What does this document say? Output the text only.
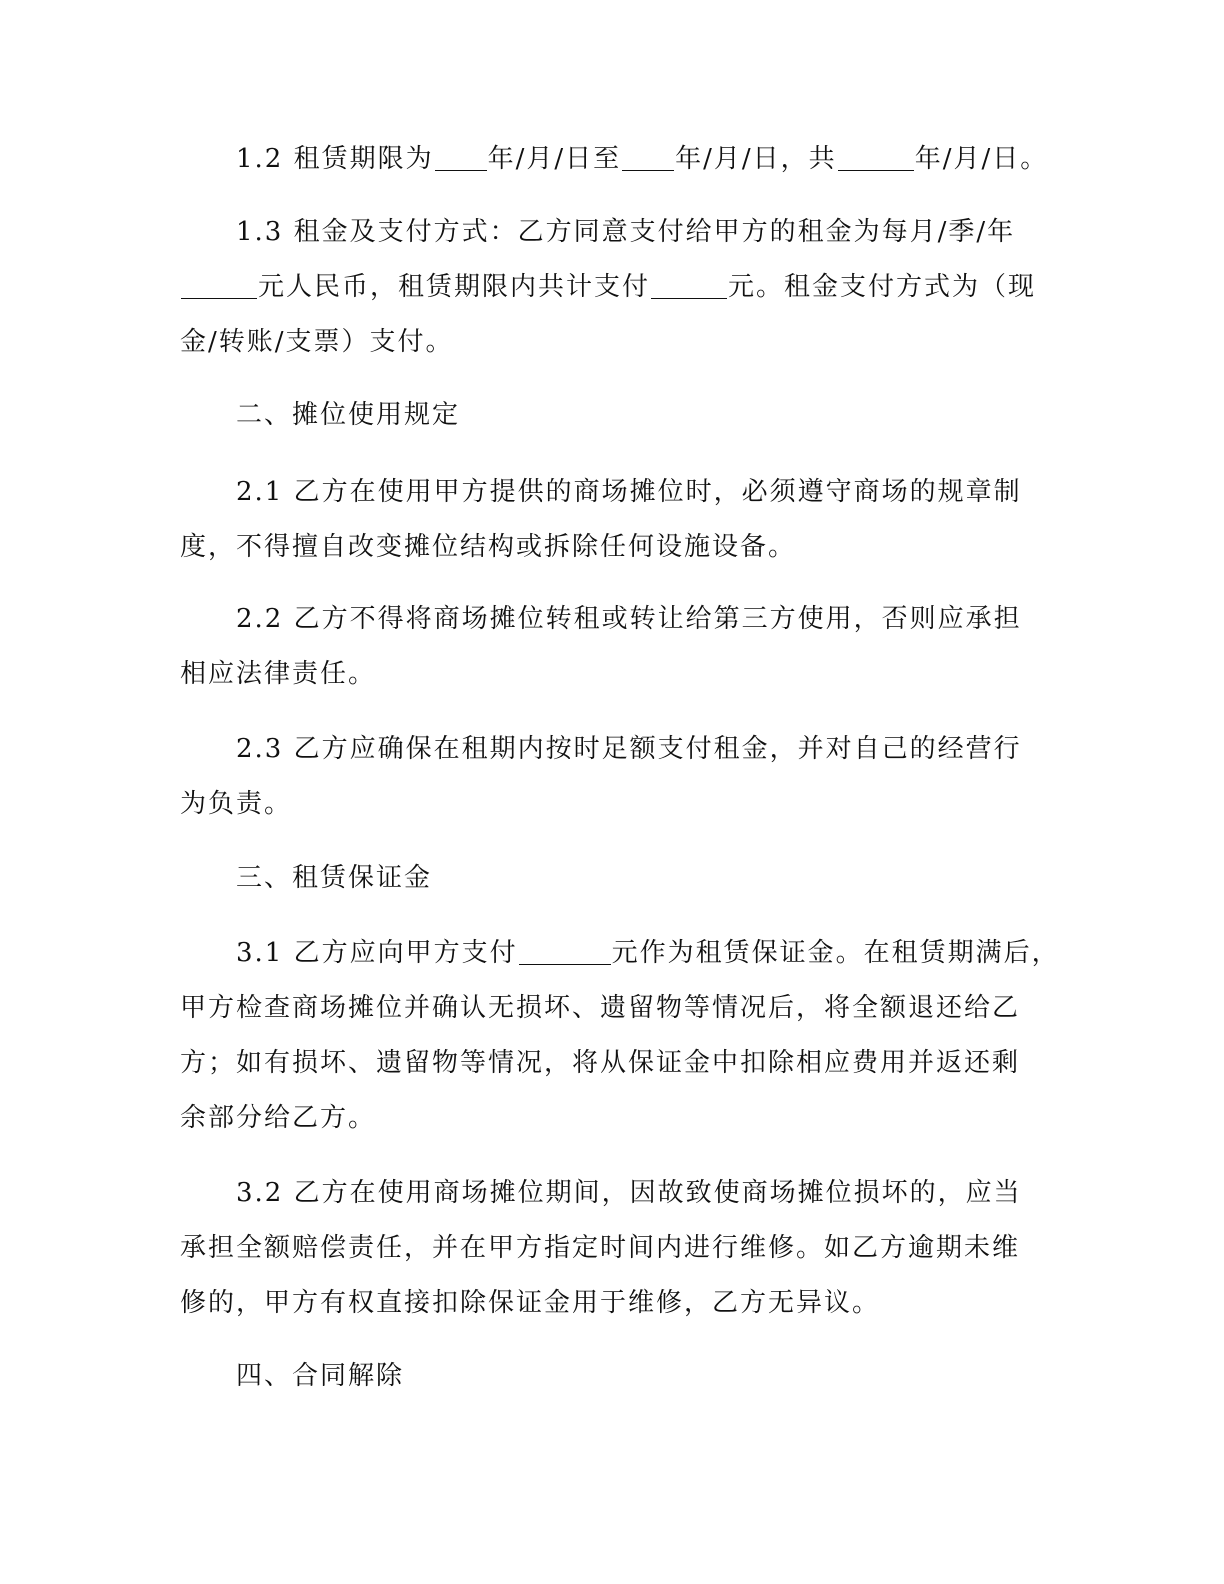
1.2 租赁期限为 年/月/日至 年/月/日，共	年/月/日。
1.3 租金及支付方式：乙方同意支付给甲方的租金为每月/季/年
元人民币，租赁期限内共计支付	元。租金支付方式为（现
金/转账/支票）支付。
二、摊位使用规定
2.1 乙方在使用甲方提供的商场摊位时，必须遵守商场的规章制
度，不得擅自改变摊位结构或拆除任何设施设备。
2.2 乙方不得将商场摊位转租或转让给第三方使用，否则应承担
相应法律责任。
2.3 乙方应确保在租期内按时足额支付租金，并对自己的经营行
为负责。
三、租赁保证金
3.1 乙方应向甲方支付	元作为租赁保证金。在租赁期满后，
甲方检查商场摊位并确认无损坏、遗留物等情况后，将全额退还给乙
方；如有损坏、遗留物等情况，将从保证金中扣除相应费用并返还剩
余部分给乙方。
3.2 乙方在使用商场摊位期间，因故致使商场摊位损坏的，应当
承担全额赔偿责任，并在甲方指定时间内进行维修。如乙方逾期未维
修的，甲方有权直接扣除保证金用于维修，乙方无异议。
四、合同解除
